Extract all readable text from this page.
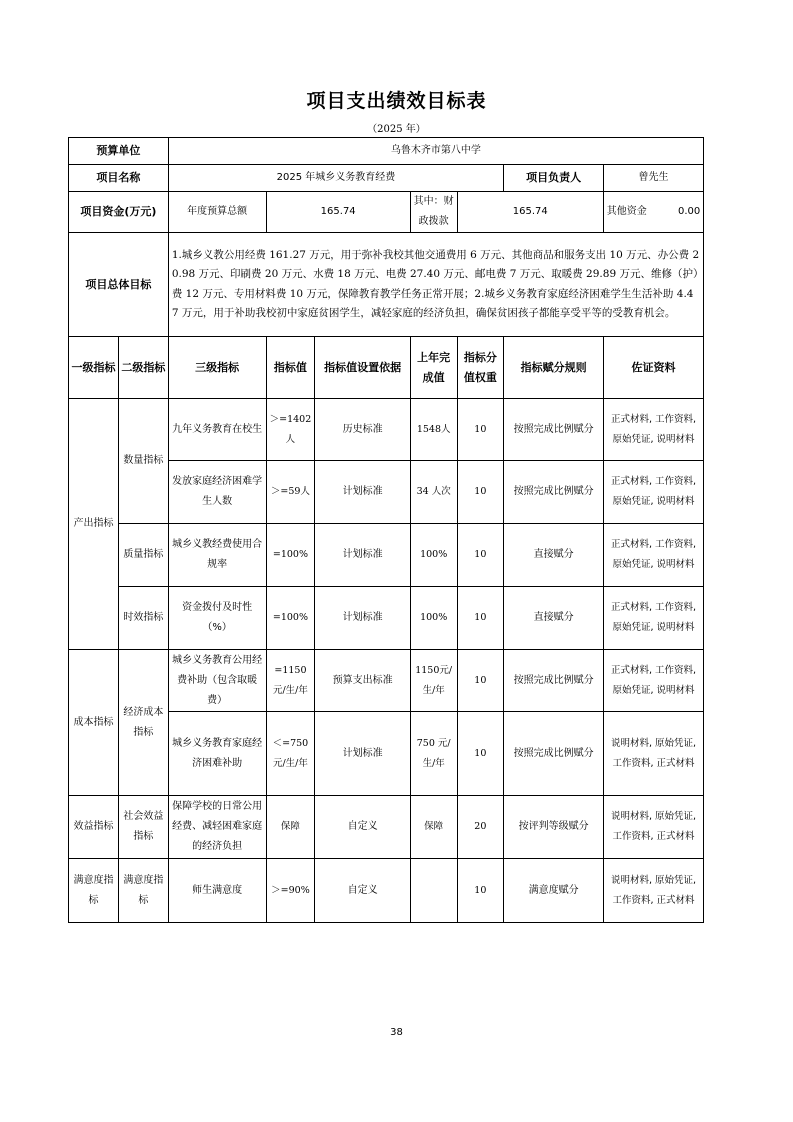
项目支出绩效目标表
（2025 年）
预算单位		乌鲁木齐市第八中学						
项目名称		2025 年城乡义务教育经费					项目负责人	曾先生
项目资金(万元)		年度预算总额	165.74		其中：财政拨款	165.74		其他资金 0.00
项目总体目标		1.城乡义教公用经费 161.27 万元，用于弥补我校其他交通费用 6 万元、其他商品和服务支出 10 万元、办公费 20.98 万元、印刷费 20 万元、水费 18 万元、电费 27.40 万元、邮电费 7 万元、取暖费 29.89 万元、维修（护）费 12 万元、专用材料费 10 万元，保障教育教学任务正常开展；2.城乡义务教育家庭经济困难学生生活补助 4.47 万元，用于补助我校初中家庭贫困学生，减轻家庭的经济负担，确保贫困孩子都能享受平等的受教育机会。						
一级指标	二级指标	三级指标	指标值	指标值设置依据	上年完成值	指标分值权重	指标赋分规则	佐证资料
产出指标	数量指标	九年义务教育在校生	＞=1402人	历史标准	1548人	10	按照完成比例赋分	正式材料, 工作资料, 原始凭证, 说明材料
		发放家庭经济困难学生人数	＞=59人	计划标准	34 人次	10	按照完成比例赋分	正式材料, 工作资料, 原始凭证, 说明材料
	质量指标	城乡义教经费使用合规率	=100%	计划标准	100%	10	直接赋分	正式材料, 工作资料, 原始凭证, 说明材料
	时效指标	资金拨付及时性（%）	=100%	计划标准	100%	10	直接赋分	正式材料, 工作资料, 原始凭证, 说明材料
成本指标	经济成本指标	城乡义务教育公用经费补助（包含取暖费）	=1150元/生/年	预算支出标准	1150元/生/年	10	按照完成比例赋分	正式材料, 工作资料, 原始凭证, 说明材料
		城乡义务教育家庭经济困难补助	＜=750元/生/年	计划标准	750 元/生/年	10	按照完成比例赋分	说明材料, 原始凭证, 工作资料, 正式材料
效益指标	社会效益指标	保障学校的日常公用经费、减轻困难家庭的经济负担	保障	自定义	保障	20	按评判等级赋分	说明材料, 原始凭证, 工作资料, 正式材料
满意度指标	满意度指标	师生满意度	＞=90%	自定义		10	满意度赋分	说明材料, 原始凭证, 工作资料, 正式材料
38
